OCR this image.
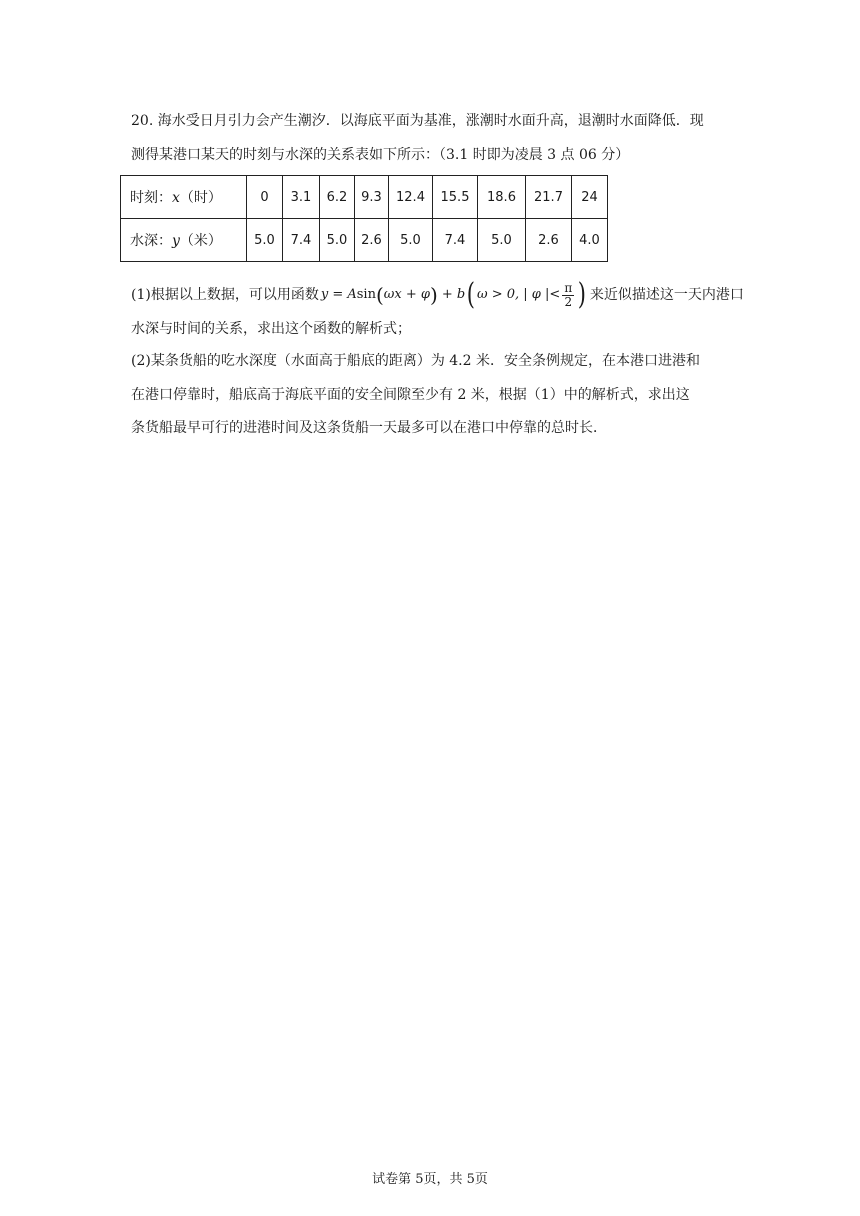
20. 海水受日月引力会产生潮汐．以海底平面为基准，涨潮时水面升高，退潮时水面降低．现
测得某港口某天的时刻与水深的关系表如下所示：（3.1 时即为凌晨 3 点 06 分）
时刻：x（时）	0	3.1	6.2	9.3	12.4	15.5	18.6	21.7	24
水深：y（米）	5.0	7.4	5.0	2.6	5.0	7.4	5.0	2.6	4.0
(1)根据以上数据，可以用函数 y = A sin ( ωx + φ )
+ b ( ω > 0, | φ |< $\frac{\pi}{2}$ ) 来近似描述这一天内港口
水深与时间的关系，求出这个函数的解析式；
(2)某条货船的吃水深度（水面高于船底的距离）为 4.2 米．安全条例规定，在本港口进港和
在港口停靠时，船底高于海底平面的安全间隙至少有 2 米，根据（1）中的解析式，求出这
条货船最早可行的进港时间及这条货船一天最多可以在港口中停靠的总时长．
试卷第 5页，共 5页
